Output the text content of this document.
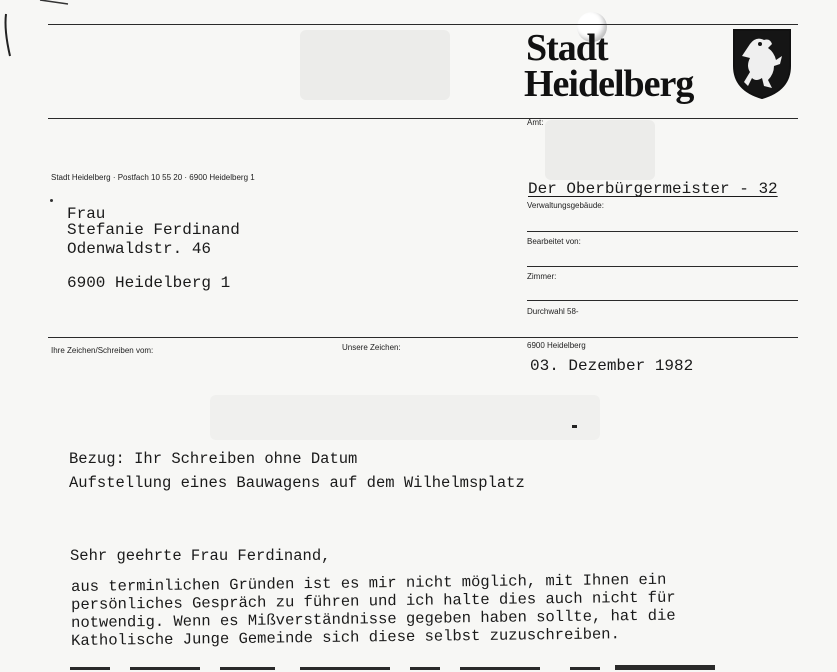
Stadt
Heidelberg
Amt:
Stadt Heidelberg · Postfach 10 55 20 · 6900 Heidelberg 1
Der Oberbürgermeister - 32
Verwaltungsgebäude:
Bearbeitet von:
Zimmer:
Durchwahl 58-
Frau
Stefanie Ferdinand
Odenwaldstr. 46
6900 Heidelberg 1
Ihre Zeichen/Schreiben vom:	Unsere Zeichen:	6900 Heidelberg
03. Dezember 1982
Bezug: Ihr Schreiben ohne Datum
Aufstellung eines Bauwagens auf dem Wilhelmsplatz
Sehr geehrte Frau Ferdinand,
aus terminlichen Gründen ist es mir nicht möglich, mit Ihnen ein
persönliches Gespräch zu führen und ich halte dies auch nicht für
notwendig. Wenn es Mißverständnisse gegeben haben sollte, hat die
Katholische Junge Gemeinde sich diese selbst zuzuschreiben.
